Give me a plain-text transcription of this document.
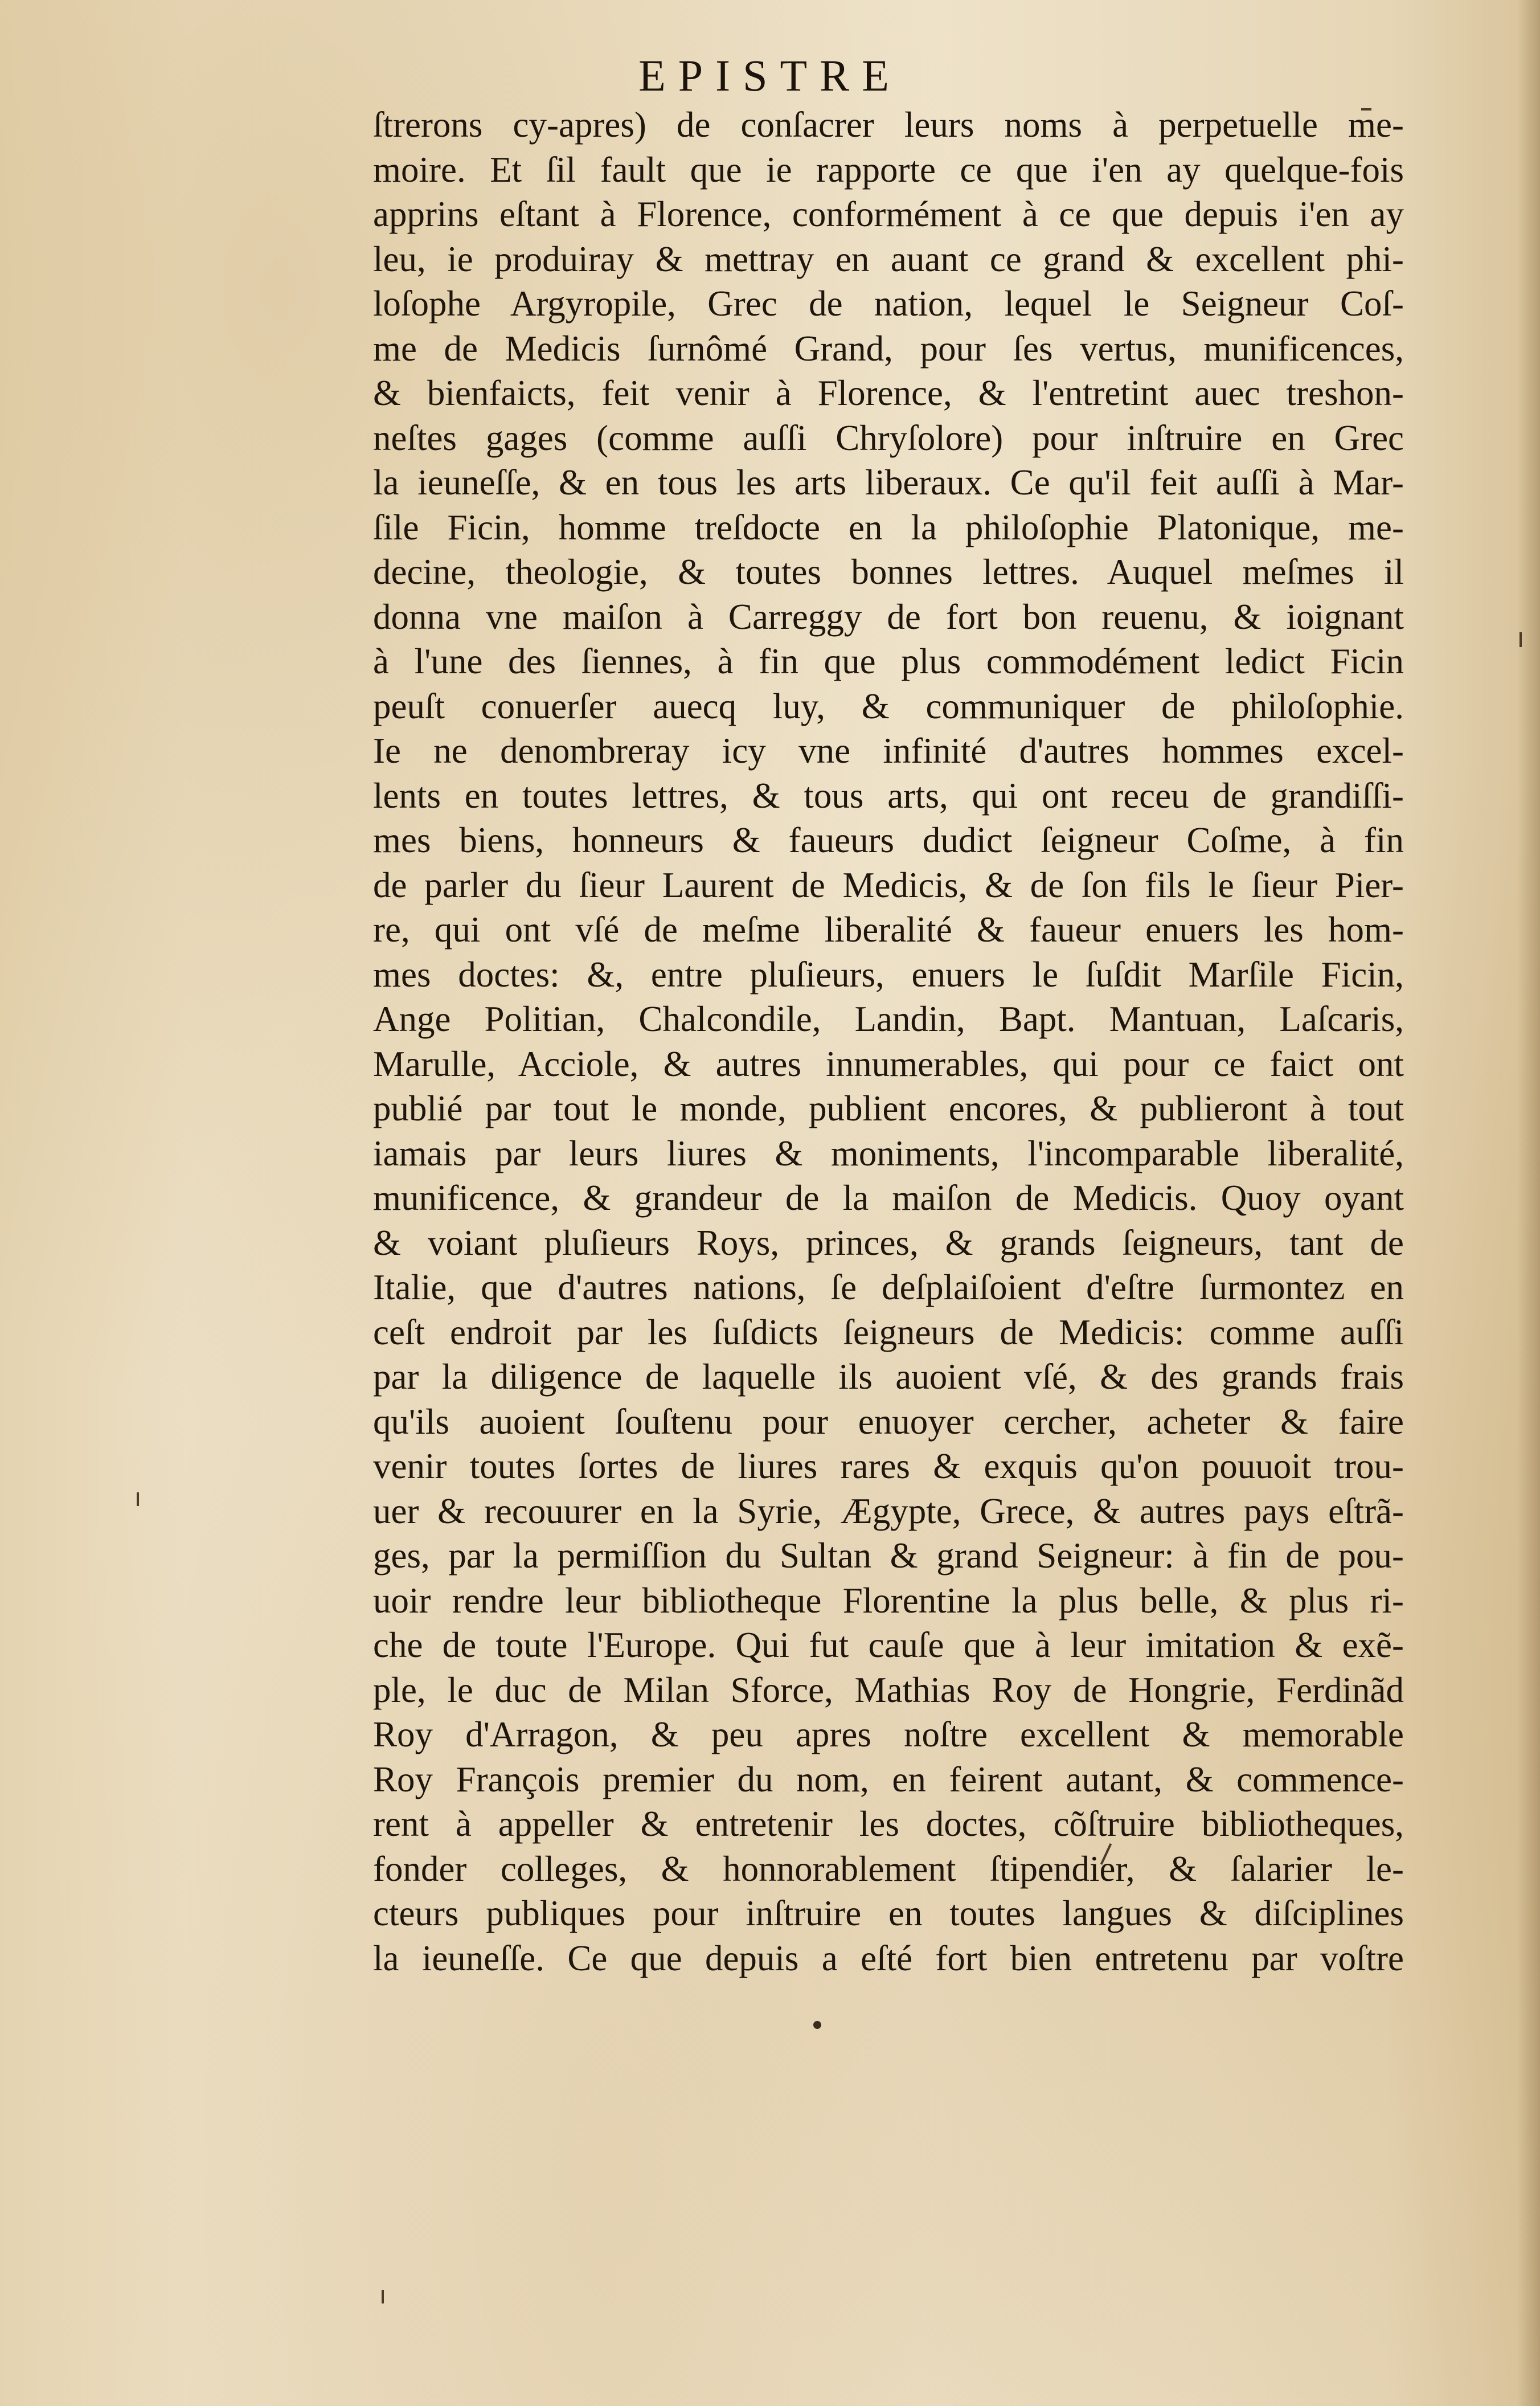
EPISTRE
ſtrerons cy-apres) de conſacrer leurs noms à perpetuelle me-
moire. Et ſil fault que ie rapporte ce que i'en ay quelque-fois
apprins eſtant à Florence, conformément à ce que depuis i'en ay
leu, ie produiray & mettray en auant ce grand & excellent phi-
loſophe Argyropile, Grec de nation, lequel le Seigneur Coſ-
me de Medicis ſurnômé Grand, pour ſes vertus, munificences,
& bienfaicts, feit venir à Florence, & l'entretint auec treshon-
neſtes gages (comme auſſi Chryſolore) pour inſtruire en Grec
la ieuneſſe, & en tous les arts liberaux. Ce qu'il feit auſſi à Mar-
ſile Ficin, homme treſdocte en la philoſophie Platonique, me-
decine, theologie, & toutes bonnes lettres. Auquel meſmes il
donna vne maiſon à Carreggy de fort bon reuenu, & ioignant
à l'une des ſiennes, à fin que plus commodément ledict Ficin
peuſt conuerſer auecq luy, & communiquer de philoſophie.
Ie ne denombreray icy vne infinité d'autres hommes excel-
lents en toutes lettres, & tous arts, qui ont receu de grandiſſi-
mes biens, honneurs & faueurs dudict ſeigneur Coſme, à fin
de parler du ſieur Laurent de Medicis, & de ſon fils le ſieur Pier-
re, qui ont vſé de meſme liberalité & faueur enuers les hom-
mes doctes: &, entre pluſieurs, enuers le ſuſdit Marſile Ficin,
Ange Politian, Chalcondile, Landin, Bapt. Mantuan, Laſcaris,
Marulle, Acciole, & autres innumerables, qui pour ce faict ont
publié par tout le monde, publient encores, & publieront à tout
iamais par leurs liures & moniments, l'incomparable liberalité,
munificence, & grandeur de la maiſon de Medicis. Quoy oyant
& voiant pluſieurs Roys, princes, & grands ſeigneurs, tant de
Italie, que d'autres nations, ſe deſplaiſoient d'eſtre ſurmontez en
ceſt endroit par les ſuſdicts ſeigneurs de Medicis: comme auſſi
par la diligence de laquelle ils auoient vſé, & des grands frais
qu'ils auoient ſouſtenu pour enuoyer cercher, acheter & faire
venir toutes ſortes de liures rares & exquis qu'on pouuoit trou-
uer & recouurer en la Syrie, Ægypte, Grece, & autres pays eſtrã-
ges, par la permiſſion du Sultan & grand Seigneur: à fin de pou-
uoir rendre leur bibliotheque Florentine la plus belle, & plus ri-
che de toute l'Europe. Qui fut cauſe que à leur imitation & exẽ-
ple, le duc de Milan Sforce, Mathias Roy de Hongrie, Ferdinãd
Roy d'Arragon, & peu apres noſtre excellent & memorable
Roy François premier du nom, en feirent autant, & commence-
rent à appeller & entretenir les doctes, cõſtruire bibliotheques,
fonder colleges, & honnorablement ſtipendier, & ſalarier le-
cteurs publiques pour inſtruire en toutes langues & diſciplines
la ieuneſſe. Ce que depuis a eſté fort bien entretenu par voſtre
